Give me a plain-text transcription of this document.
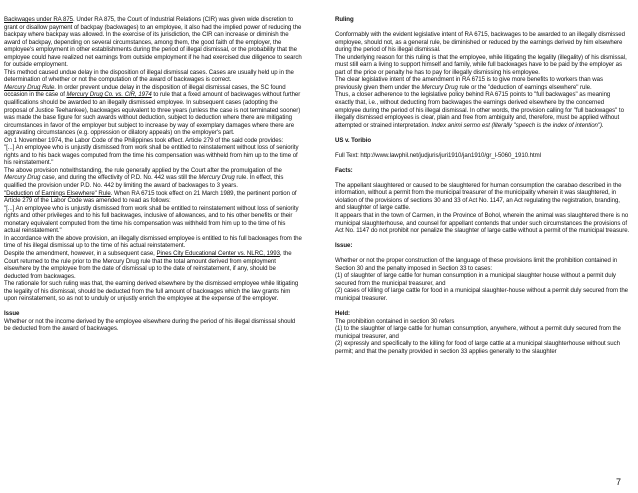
Backwages under RA 875. Under RA 875, the Court of Industrial Relations (CIR) was given wide discretion to grant or disallow payment of backpay (backwages) to an employee, it also had the implied power of reducing the backpay where backpay was allowed. In the exercise of its jurisdiction, the CIR can increase or diminish the award of backpay, depending on several circumstances, among them, the good faith of the employer, the employee's employment in other establishments during the period of illegal dismissal, or the probability that the employee could have realized net earnings from outside employment if he had exercised due diligence to search for outside employment.

This method caused undue delay in the disposition of illegal dismissal cases. Cases are usually held up in the determination of whether or not the computation of the award of backwages is correct.

Mercury Drug Rule. In order prevent undue delay in the disposition of illegal dismissal cases, the SC found occasion in the case of Mercury Drug Co. vs. CIR, 1974 to rule that a fixed amount of backwages without further qualifications should be awarded to an illegally dismissed employee. In subsequent cases (adopting the proposal of Justice Teehankee), backwages equivalent to three years (unless the case is not terminated sooner) was made the base figure for such awards without deduction, subject to deduction where there are mitigating circumstances in favor of the employer but subject to increase by way of exemplary damages where there are aggravating circumstances (e.g. oppression or dilatory appeals) on the employer's part.

On 1 November 1974, the Labor Code of the Philippines took effect. Article 279 of the said code provides:

"[...] An employee who is unjustly dismissed from work shall be entitled to reinstatement without loss of seniority rights and to his back wages computed from the time his compensation was withheld from him up to the time of his reinstatement."

The above provision notwithstanding, the rule generally applied by the Court after the promulgation of the Mercury Drug case, and during the effectivity of P.D. No. 442 was still the Mercury Drug rule. In effect, this qualified the provision under P.D. No. 442 by limiting the award of backwages to 3 years.

"Deduction of Earnings Elsewhere" Rule. When RA 6715 took effect on 21 March 1989, the pertinent portion of Article 279 of the Labor Code was amended to read as follows:

"[...] An employee who is unjustly dismissed from work shall be entitled to reinstatement without loss of seniority rights and other privileges and to his full backwages, inclusive of allowances, and to his other benefits or their monetary equivalent computed from the time his compensation was withheld from him up to the time of his actual reinstatement."

In accordance with the above provision, an illegally dismissed employee is entitled to his full backwages from the time of his illegal dismissal up to the time of his actual reinstatement.

Despite the amendment, however, in a subsequent case, Pines City Educational Center vs. NLRC, 1993, the Court returned to the rule prior to the Mercury Drug rule that the total amount derived from employment elsewhere by the employee from the date of dismissal up to the date of reinstatement, if any, should be deducted from backwages.

The rationale for such ruling was that, the earning derived elsewhere by the dismissed employee while litigating the legality of his dismissal, should be deducted from the full amount of backwages which the law grants him upon reinstatement, so as not to unduly or unjustly enrich the employee at the expense of the employer.

Issue

Whether or not the income derived by the employee elsewhere during the period of his illegal dismissal should be deducted from the award of backwages.

Ruling

Conformably with the evident legislative intent of RA 6715, backwages to be awarded to an illegally dismissed employee, should not, as a general rule, be diminished or reduced by the earnings derived by him elsewhere during the period of his illegal dismissal.

The underlying reason for this ruling is that the employee, while litigating the legality (illegality) of his dismissal, must still earn a living to support himself and family, while full backwages have to be paid by the employer as part of the price or penalty he has to pay for illegally dismissing his employee.

The clear legislative intent of the amendment in RA 6715 is to give more benefits to workers than was previously given them under the Mercury Drug rule or the "deduction of earnings elsewhere" rule.

Thus, a closer adherence to the legislative policy behind RA 6715 points to "full backwages" as meaning exactly that, i.e., without deducting from backwages the earnings derived elsewhere by the concerned employee during the period of his illegal dismissal. In other words, the provision calling for "full backwages" to illegally dismissed employees is clear, plain and free from ambiguity and, therefore, must be applied without attempted or strained interpretation. Index animi sermo est (literally "speech is the index of intention").

US v. Toribio

Full Text: http://www.lawphil.net/judjuris/juri1910/jan1910/gr_l-5060_1910.html

Facts:

The appellant slaughtered or caused to be slaughtered for human consumption the carabao described in the information, without a permit from the municipal treasurer of the municipality wherein it was slaughtered, in violation of the provisions of sections 30 and 33 of Act No. 1147, an Act regulating the registration, branding, and slaughter of large cattle.

It appears that in the town of Carmen, in the Province of Bohol, wherein the animal was slaughtered there is no municipal slaughterhouse, and counsel for appellant contends that under such circumstances the provisions of Act No. 1147 do not prohibit nor penalize the slaughter of large cattle without a permit of the municipal treasure.

Issue:

Whether or not the proper construction of the language of these provisions limit the prohibition contained in Section 30 and the penalty imposed in Section 33 to cases:

(1) of slaughter of large cattle for human consumption in a municipal slaughter house without a permit duly secured from the municipal treasurer, and

(2) cases of killing of large cattle for food in a municipal slaughter-house without a permit duly secured from the municipal treasurer.

Held:

The prohibition contained in section 30 refers

(1) to the slaughter of large cattle for human consumption, anywhere, without a permit duly secured from the municipal treasurer, and

(2) expressly and specifically to the killing for food of large cattle at a municipal slaughterhouse without such permit; and that the penalty provided in section 33 applies generally to the slaughter

7
